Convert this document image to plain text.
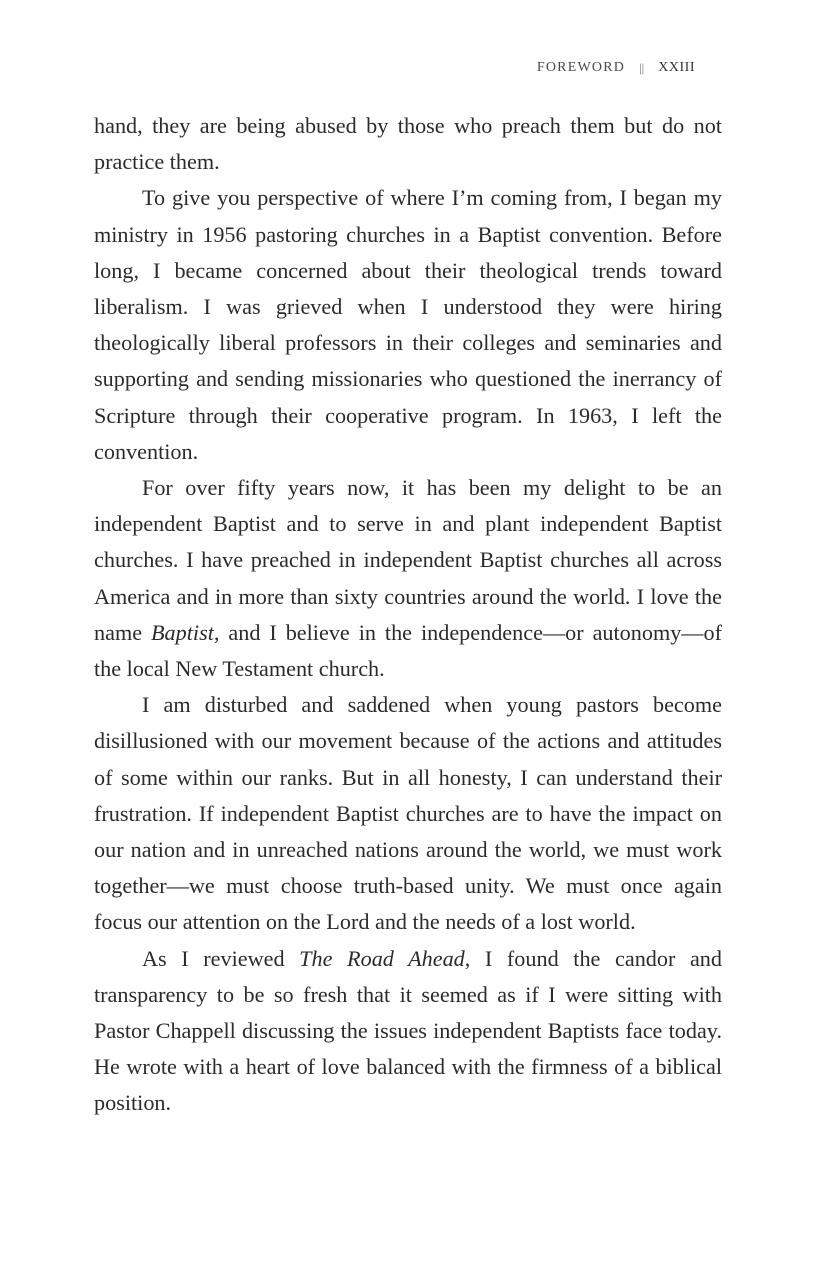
FOREWORD || XXIII

hand, they are being abused by those who preach them but do not practice them.

To give you perspective of where I’m coming from, I began my ministry in 1956 pastoring churches in a Baptist convention. Before long, I became concerned about their theological trends toward liberalism. I was grieved when I understood they were hiring theologically liberal professors in their colleges and seminaries and supporting and sending missionaries who questioned the inerrancy of Scripture through their cooperative program. In 1963, I left the convention.

For over fifty years now, it has been my delight to be an independent Baptist and to serve in and plant independent Baptist churches. I have preached in independent Baptist churches all across America and in more than sixty countries around the world. I love the name Baptist, and I believe in the independence—or autonomy—of the local New Testament church.

I am disturbed and saddened when young pastors become disillusioned with our movement because of the actions and attitudes of some within our ranks. But in all honesty, I can understand their frustration. If independent Baptist churches are to have the impact on our nation and in unreached nations around the world, we must work together—we must choose truth-based unity. We must once again focus our attention on the Lord and the needs of a lost world.

As I reviewed The Road Ahead, I found the candor and transparency to be so fresh that it seemed as if I were sitting with Pastor Chappell discussing the issues independent Baptists face today. He wrote with a heart of love balanced with the firmness of a biblical position.
